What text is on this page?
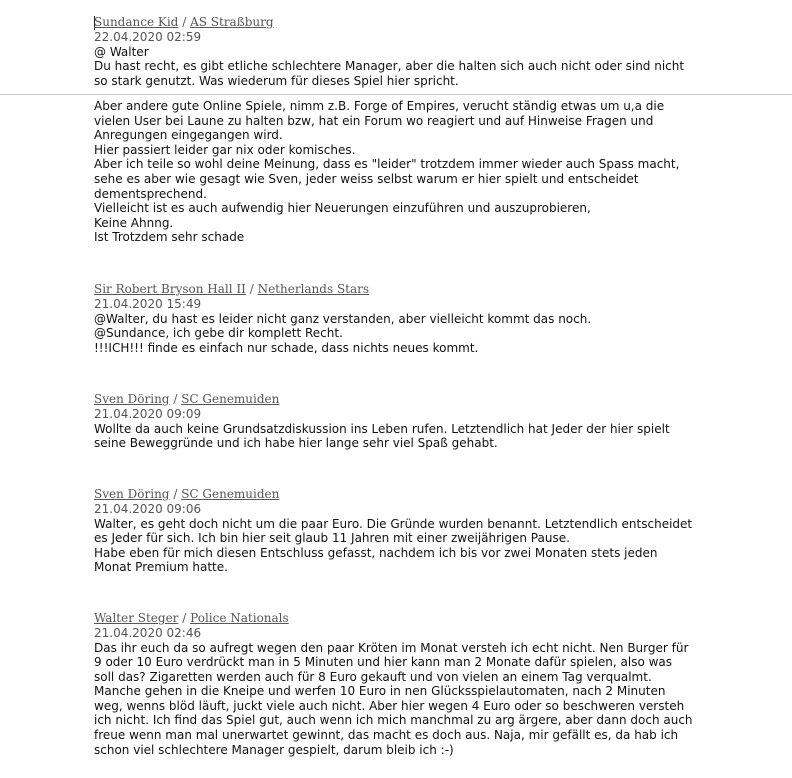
Sundance Kid / AS Straßburg
22.04.2020 02:59
@ Walter
Du hast recht, es gibt etliche schlechtere Manager, aber die halten sich auch nicht oder sind nicht
so stark genutzt. Was wiederum für dieses Spiel hier spricht.
Aber andere gute Online Spiele, nimm z.B. Forge of Empires, verucht ständig etwas um u,a die
vielen User bei Laune zu halten bzw, hat ein Forum wo reagiert und auf Hinweise Fragen und
Anregungen eingegangen wird.
Hier passiert leider gar nix oder komisches.
Aber ich teile so wohl deine Meinung, dass es "leider" trotzdem immer wieder auch Spass macht,
sehe es aber wie gesagt wie Sven, jeder weiss selbst warum er hier spielt und entscheidet
dementsprechend.
Vielleicht ist es auch aufwendig hier Neuerungen einzuführen und auszuprobieren,
Keine Ahnng.
Ist Trotzdem sehr schade
Sir Robert Bryson Hall II / Netherlands Stars
21.04.2020 15:49
@Walter, du hast es leider nicht ganz verstanden, aber vielleicht kommt das noch.
@Sundance, ich gebe dir komplett Recht.
!!!ICH!!! finde es einfach nur schade, dass nichts neues kommt.
Sven Döring / SC Genemuiden
21.04.2020 09:09
Wollte da auch keine Grundsatzdiskussion ins Leben rufen. Letztendlich hat Jeder der hier spielt
seine Beweggründe und ich habe hier lange sehr viel Spaß gehabt.
Sven Döring / SC Genemuiden
21.04.2020 09:06
Walter, es geht doch nicht um die paar Euro. Die Gründe wurden benannt. Letztendlich entscheidet
es Jeder für sich. Ich bin hier seit glaub 11 Jahren mit einer zweijährigen Pause.
Habe eben für mich diesen Entschluss gefasst, nachdem ich bis vor zwei Monaten stets jeden
Monat Premium hatte.
Walter Steger / Police Nationals
21.04.2020 02:46
Das ihr euch da so aufregt wegen den paar Kröten im Monat versteh ich echt nicht. Nen Burger für
9 oder 10 Euro verdrückt man in 5 Minuten und hier kann man 2 Monate dafür spielen, also was
soll das? Zigaretten werden auch für 8 Euro gekauft und von vielen an einem Tag verqualmt.
Manche gehen in die Kneipe und werfen 10 Euro in nen Glücksspielautomaten, nach 2 Minuten
weg, wenns blöd läuft, juckt viele auch nicht. Aber hier wegen 4 Euro oder so beschweren versteh
ich nicht. Ich find das Spiel gut, auch wenn ich mich manchmal zu arg ärgere, aber dann doch auch
freue wenn man mal unerwartet gewinnt, das macht es doch aus. Naja, mir gefällt es, da hab ich
schon viel schlechtere Manager gespielt, darum bleib ich :-)
